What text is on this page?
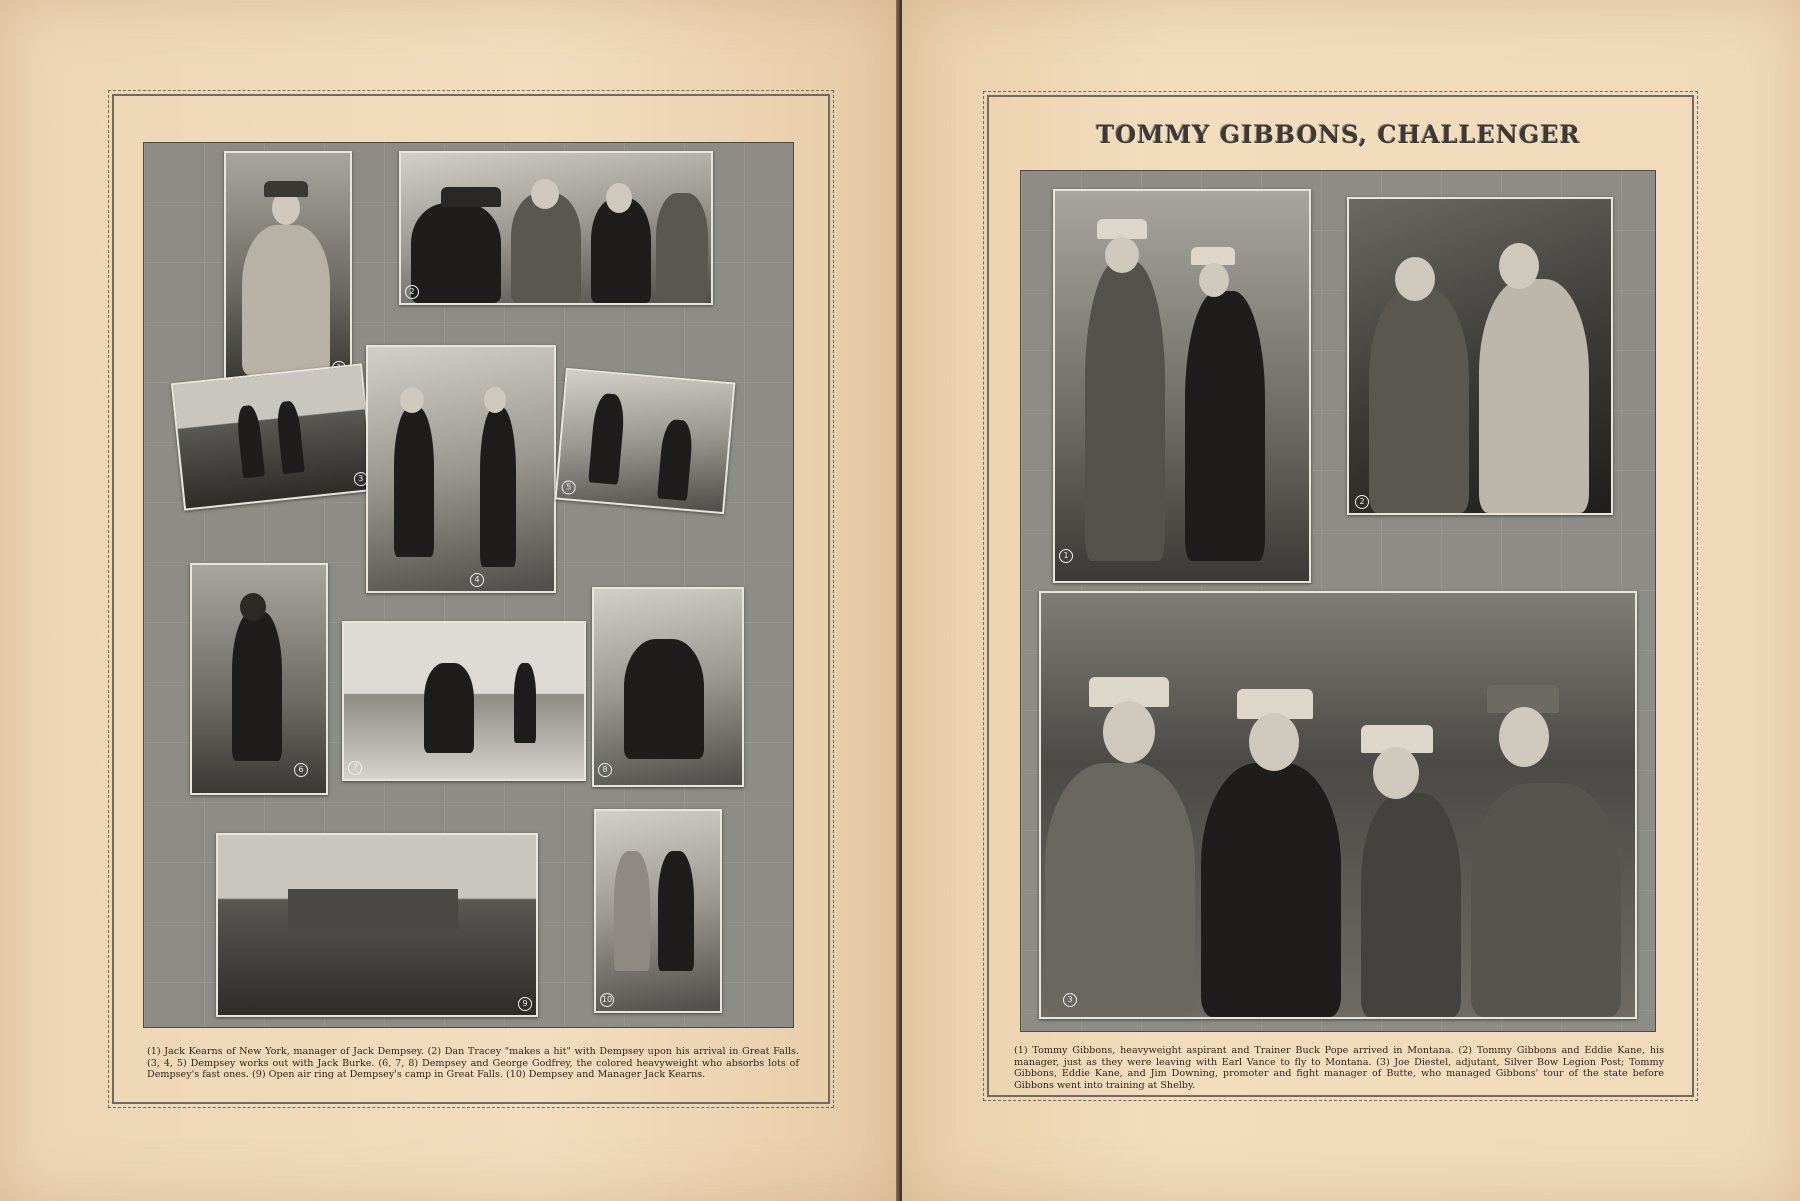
2
3
4
5
6	7	8
9	10
(1) Jack Kearns of New York, manager of Jack Dempsey. (2) Dan Tracey "makes a hit" with Dempsey upon his arrival in Great Falls. (3, 4, 5) Dempsey works out with Jack Burke. (6, 7, 8) Dempsey and George Godfrey, the colored heavyweight who absorbs lots of Dempsey's fast ones. (9) Open air ring at Dempsey's camp in Great Falls. (10) Dempsey and Manager Jack Kearns.
TOMMY GIBBONS, CHALLENGER
1
2
3
(1) Tommy Gibbons, heavyweight aspirant and Trainer Buck Pope arrived in Montana. (2) Tommy Gibbons and Eddie Kane, his manager, just as they were leaving with Earl Vance to fly to Montana. (3) Joe Diestel, adjutant, Silver Bow Legion Post; Tommy Gibbons, Eddie Kane, and Jim Downing, promoter and fight manager of Butte, who managed Gibbons' tour of the state before Gibbons went into training at Shelby.
